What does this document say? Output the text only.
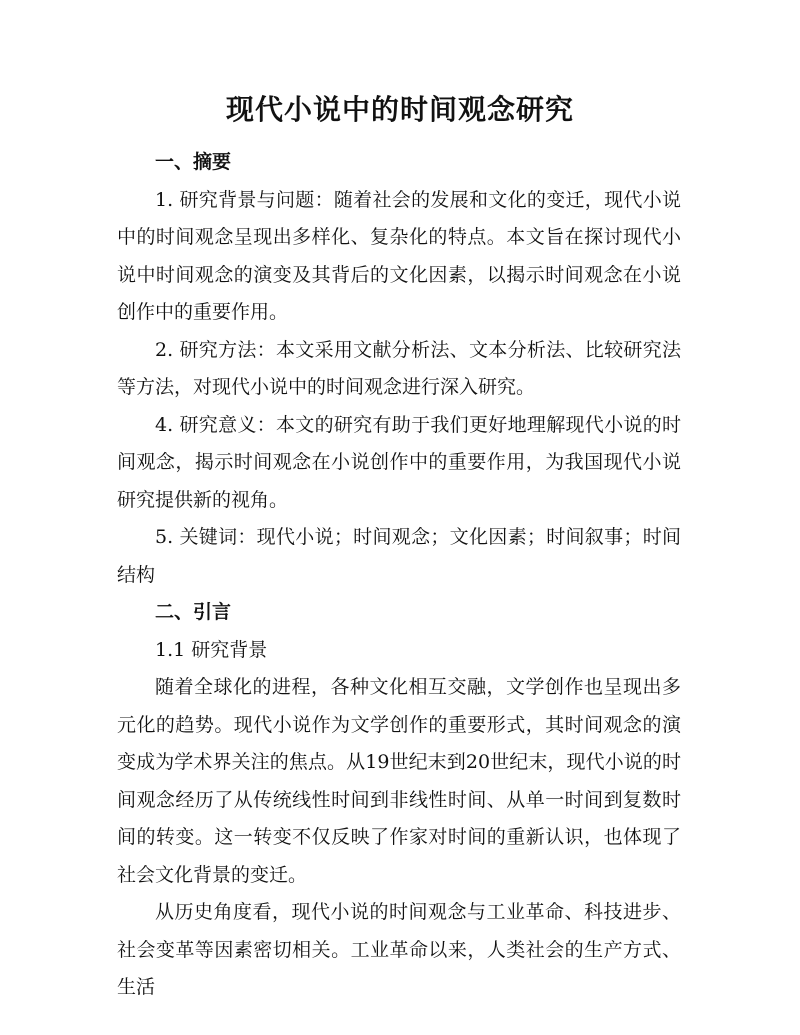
现代小说中的时间观念研究

一、摘要

1. 研究背景与问题：随着社会的发展和文化的变迁，现代小说中的时间观念呈现出多样化、复杂化的特点。本文旨在探讨现代小说中时间观念的演变及其背后的文化因素，以揭示时间观念在小说创作中的重要作用。

2. 研究方法：本文采用文献分析法、文本分析法、比较研究法等方法，对现代小说中的时间观念进行深入研究。

4. 研究意义：本文的研究有助于我们更好地理解现代小说的时间观念，揭示时间观念在小说创作中的重要作用，为我国现代小说研究提供新的视角。

5. 关键词：现代小说；时间观念；文化因素；时间叙事；时间结构

二、引言

1.1 研究背景

随着全球化的进程，各种文化相互交融，文学创作也呈现出多元化的趋势。现代小说作为文学创作的重要形式，其时间观念的演变成为学术界关注的焦点。从19世纪末到20世纪末，现代小说的时间观念经历了从传统线性时间到非线性时间、从单一时间到复数时间的转变。这一转变不仅反映了作家对时间的重新认识，也体现了社会文化背景的变迁。

从历史角度看，现代小说的时间观念与工业革命、科技进步、社会变革等因素密切相关。工业革命以来，人类社会的生产方式、生活
